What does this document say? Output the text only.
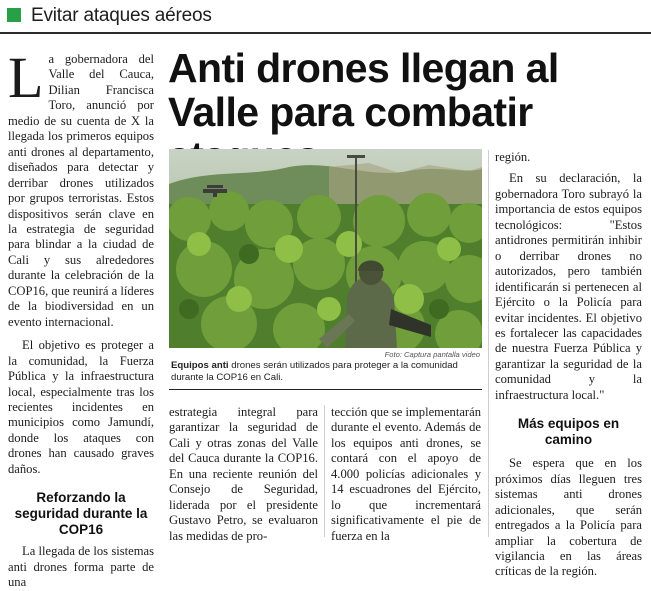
Evitar ataques aéreos

La gobernadora del Valle del Cauca, Dilian Francisca Toro, anunció por medio de su cuenta de X la llegada los primeros equipos anti drones al departamento, diseñados para detectar y derribar drones utilizados por grupos terroristas. Estos dispositivos serán clave en la estrategia de seguridad para blindar a la ciudad de Cali y sus alrededores durante la celebración de la COP16, que reunirá a líderes de la biodiversidad en un evento internacional.

El objetivo es proteger a la comunidad, la Fuerza Pública y la infraestructura local, especialmente tras los recientes incidentes en municipios como Jamundí, donde los ataques con drones han causado graves daños.

Reforzando la seguridad durante la COP16

La llegada de los sistemas anti drones forma parte de una

Anti drones llegan al Valle para combatir
Foto: Captura pantalla video
Equipos anti drones serán utilizados para proteger a la comunidad durante la COP16 en Cali.

estrategia integral para garantizar la seguridad de Cali y otras zonas del Valle del Cauca durante la COP16. En una reciente reunión del Consejo de Seguridad, liderada por el presidente Gustavo Petro, se evaluaron las medidas de pro-

tección que se implementarán durante el evento. Además de los equipos anti drones, se contará con el apoyo de 4.000 policías adicionales y 14 escuadrones del Ejército, lo que incrementará significativamente el pie de fuerza en la

región.

En su declaración, la gobernadora Toro subrayó la importancia de estos equipos tecnológicos: "Estos antidrones permitirán inhibir o derribar drones no autorizados, pero también identificarán si pertenecen al Ejército o la Policía para evitar incidentes. El objetivo es fortalecer las capacidades de nuestra Fuerza Pública y garantizar la seguridad de la comunidad y la infraestructura local."

Más equipos en camino

Se espera que en los próximos días lleguen tres sistemas anti drones adicionales, que serán entregados a la Policía para ampliar la cobertura de vigilancia en las áreas críticas de la región.
